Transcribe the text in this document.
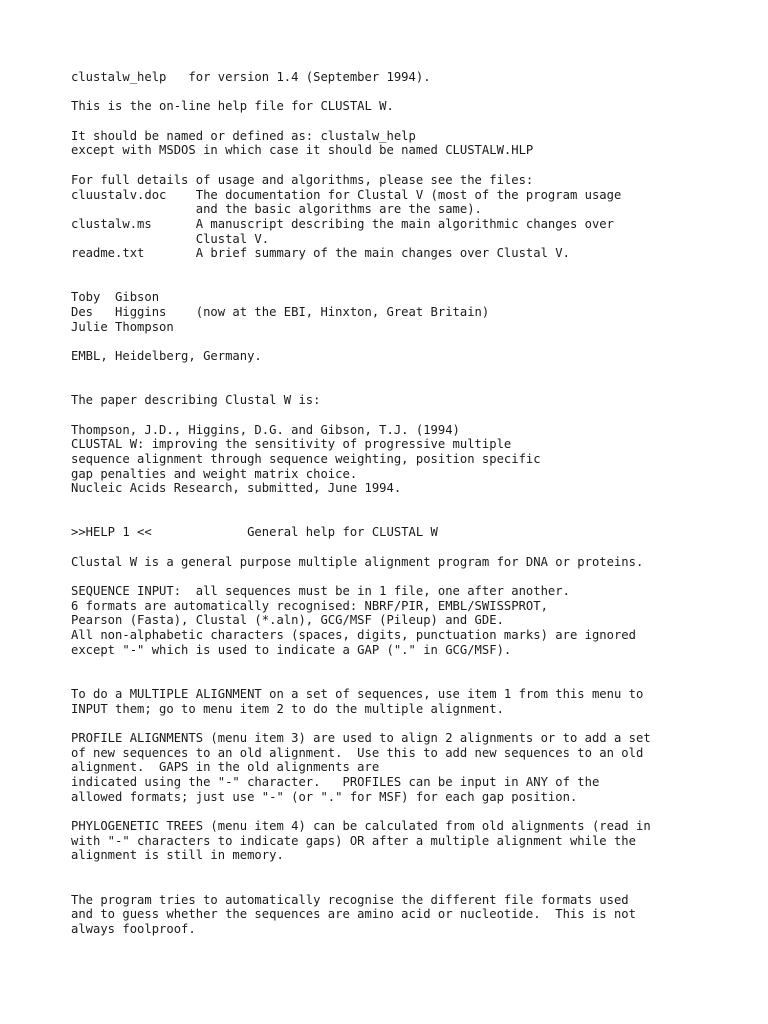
clustalw_help   for version 1.4 (September 1994).
This is the on-line help file for CLUSTAL W.
It should be named or defined as: clustalw_help
except with MSDOS in which case it should be named CLUSTALW.HLP
For full details of usage and algorithms, please see the files:
cluustalv.doc    The documentation for Clustal V (most of the program usage
and the basic algorithms are the same).
clustalw.ms      A manuscript describing the main algorithmic changes over
Clustal V.
readme.txt       A brief summary of the main changes over Clustal V.
Toby  Gibson
Des   Higgins    (now at the EBI, Hinxton, Great Britain)
Julie Thompson
EMBL, Heidelberg, Germany.
The paper describing Clustal W is:
Thompson, J.D., Higgins, D.G. and Gibson, T.J. (1994)
CLUSTAL W: improving the sensitivity of progressive multiple
sequence alignment through sequence weighting, position specific
gap penalties and weight matrix choice.
Nucleic Acids Research, submitted, June 1994.
>>HELP 1 <<             General help for CLUSTAL W
Clustal W is a general purpose multiple alignment program for DNA or proteins.
SEQUENCE INPUT:  all sequences must be in 1 file, one after another.
6 formats are automatically recognised: NBRF/PIR, EMBL/SWISSPROT,
Pearson (Fasta), Clustal (*.aln), GCG/MSF (Pileup) and GDE.
All non-alphabetic characters (spaces, digits, punctuation marks) are ignored
except "-" which is used to indicate a GAP ("." in GCG/MSF).
To do a MULTIPLE ALIGNMENT on a set of sequences, use item 1 from this menu to
INPUT them; go to menu item 2 to do the multiple alignment.
PROFILE ALIGNMENTS (menu item 3) are used to align 2 alignments or to add a set
of new sequences to an old alignment.  Use this to add new sequences to an old
alignment.  GAPS in the old alignments are
indicated using the "-" character.   PROFILES can be input in ANY of the
allowed formats; just use "-" (or "." for MSF) for each gap position.
PHYLOGENETIC TREES (menu item 4) can be calculated from old alignments (read in
with "-" characters to indicate gaps) OR after a multiple alignment while the
alignment is still in memory.
The program tries to automatically recognise the different file formats used
and to guess whether the sequences are amino acid or nucleotide.  This is not
always foolproof.
